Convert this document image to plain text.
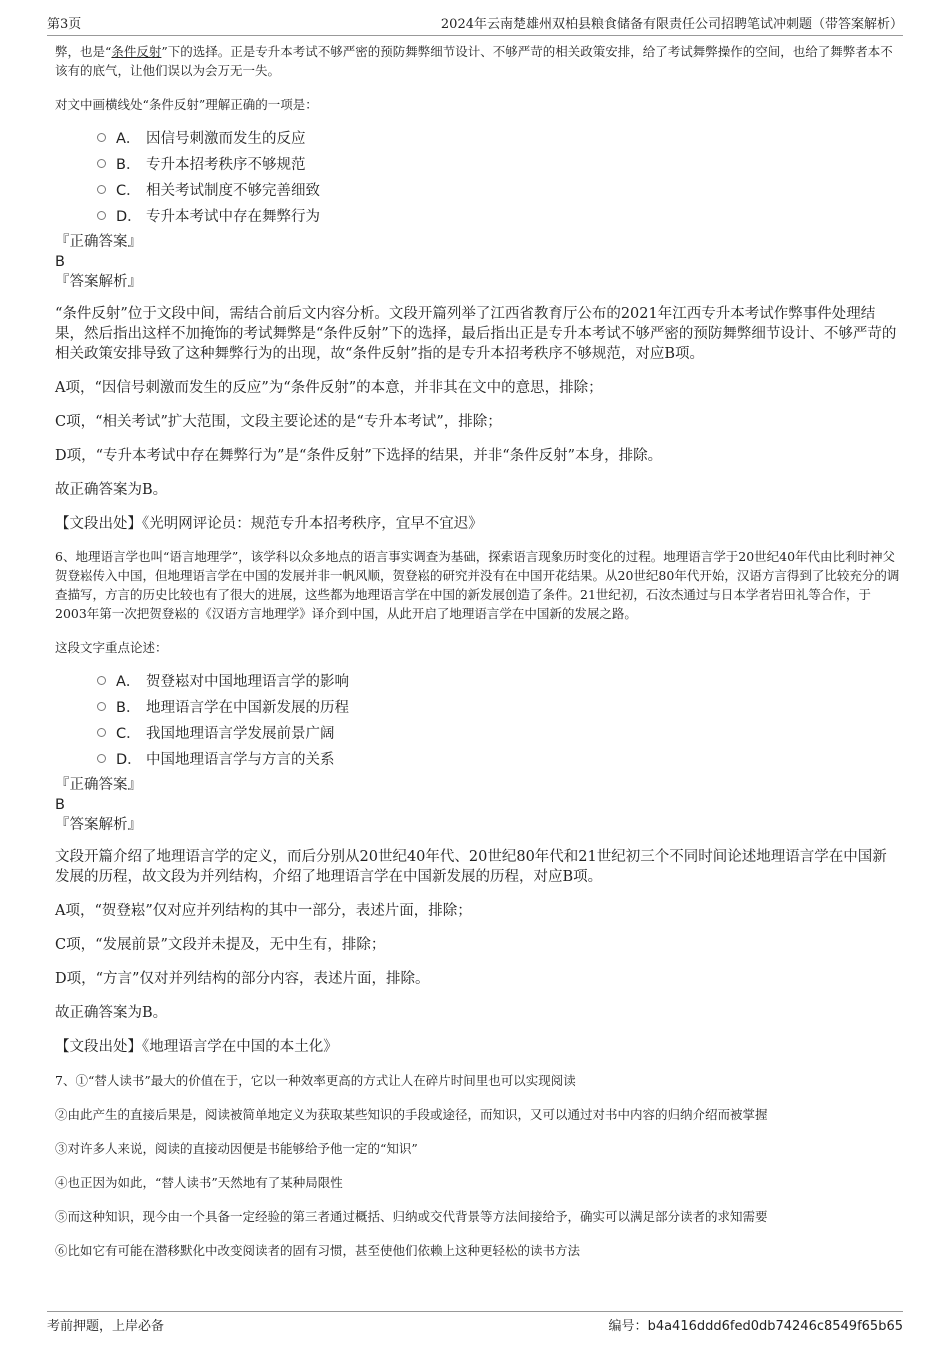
第3页	2024年云南楚雄州双柏县粮食储备有限责任公司招聘笔试冲刺题（带答案解析）

弊，也是“条件反射”下的选择。正是专升本考试不够严密的预防舞弊细节设计、不够严苛的相关政策安排，给了考试舞弊操作的空间，也给了舞弊者本不该有的底气，让他们误以为会万无一失。

对文中画横线处“条件反射”理解正确的一项是：

A． 因信号刺激而发生的反应
B． 专升本招考秩序不够规范
C． 相关考试制度不够完善细致
D． 专升本考试中存在舞弊行为

『正确答案』

B

『答案解析』

“条件反射”位于文段中间，需结合前后文内容分析。文段开篇列举了江西省教育厅公布的2021年江西专升本考试作弊事件处理结果，然后指出这样不加掩饰的考试舞弊是“条件反射”下的选择，最后指出正是专升本考试不够严密的预防舞弊细节设计、不够严苛的相关政策安排导致了这种舞弊行为的出现，故“条件反射”指的是专升本招考秩序不够规范，对应B项。

A项，“因信号刺激而发生的反应”为“条件反射”的本意，并非其在文中的意思，排除；

C项，“相关考试”扩大范围，文段主要论述的是“专升本考试”，排除；

D项，“专升本考试中存在舞弊行为”是“条件反射”下选择的结果，并非“条件反射”本身，排除。

故正确答案为B。

【文段出处】《光明网评论员：规范专升本招考秩序，宜早不宜迟》

6、地理语言学也叫“语言地理学”，该学科以众多地点的语言事实调查为基础，探索语言现象历时变化的过程。地理语言学于20世纪40年代由比利时神父贺登崧传入中国，但地理语言学在中国的发展并非一帆风顺，贺登崧的研究并没有在中国开花结果。从20世纪80年代开始，汉语方言得到了比较充分的调查描写，方言的历史比较也有了很大的进展，这些都为地理语言学在中国的新发展创造了条件。21世纪初，石汝杰通过与日本学者岩田礼等合作，于2003年第一次把贺登崧的《汉语方言地理学》译介到中国，从此开启了地理语言学在中国新的发展之路。

这段文字重点论述：

A． 贺登崧对中国地理语言学的影响
B． 地理语言学在中国新发展的历程
C． 我国地理语言学发展前景广阔
D． 中国地理语言学与方言的关系

『正确答案』

B

『答案解析』

文段开篇介绍了地理语言学的定义，而后分别从20世纪40年代、20世纪80年代和21世纪初三个不同时间论述地理语言学在中国新发展的历程，故文段为并列结构，介绍了地理语言学在中国新发展的历程，对应B项。

A项，“贺登崧”仅对应并列结构的其中一部分，表述片面，排除；

C项，“发展前景”文段并未提及，无中生有，排除；

D项，“方言”仅对并列结构的部分内容，表述片面，排除。

故正确答案为B。

【文段出处】《地理语言学在中国的本土化》

7、①“替人读书”最大的价值在于，它以一种效率更高的方式让人在碎片时间里也可以实现阅读

②由此产生的直接后果是，阅读被简单地定义为获取某些知识的手段或途径，而知识，又可以通过对书中内容的归纳介绍而被掌握

③对许多人来说，阅读的直接动因便是书能够给予他一定的“知识”

④也正因为如此，“替人读书”天然地有了某种局限性

⑤而这种知识，现今由一个具备一定经验的第三者通过概括、归纳或交代背景等方法间接给予，确实可以满足部分读者的求知需要

⑥比如它有可能在潜移默化中改变阅读者的固有习惯，甚至使他们依赖上这种更轻松的读书方法

考前押题，上岸必备	编号：b4a416ddd6fed0db74246c8549f65b65
